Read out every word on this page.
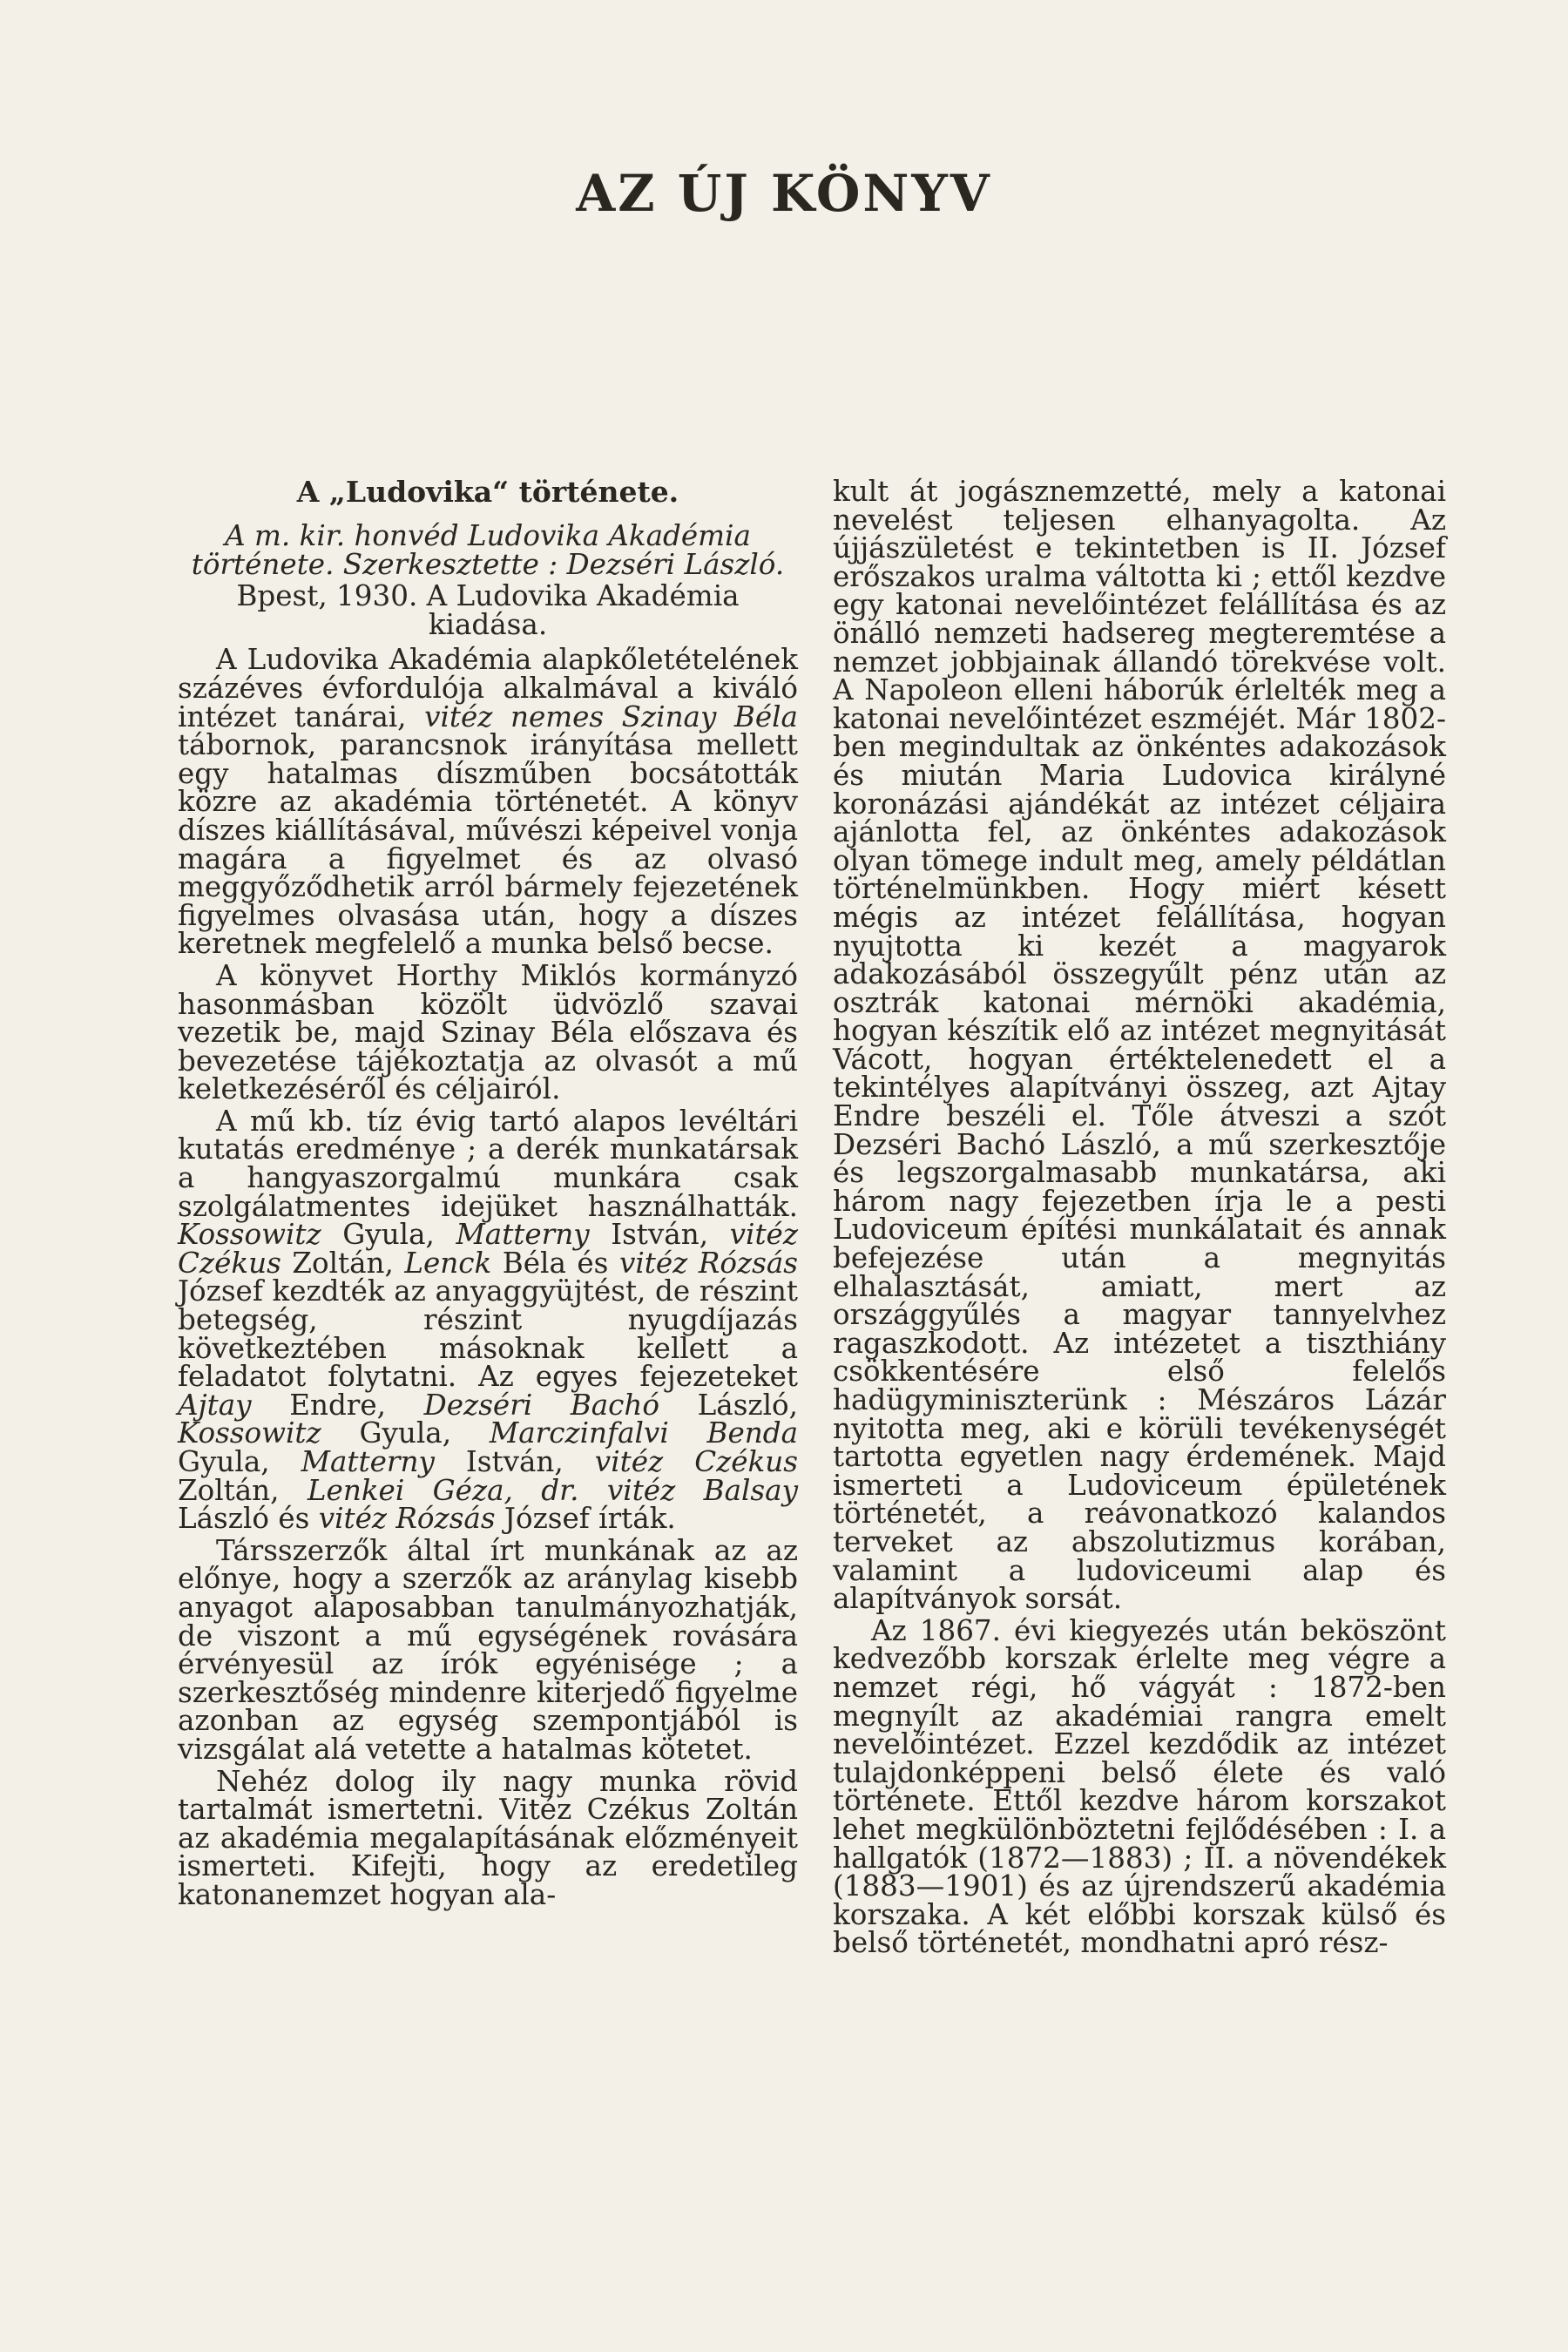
AZ ÚJ KÖNYV

A „Ludovika“ története.

A m. kir. honvéd Ludovika Akadémia története. Szerkesztette : Dezséri László.

Bpest, 1930. A Ludovika Akadémia kiadása.

A Ludovika Akadémia alapkőletételének százéves évfordulója alkalmával a kiváló intézet tanárai, vitéz nemes Szinay Béla tábornok, parancsnok irányítása mellett egy hatalmas díszműben bocsátották közre az akadémia történetét. A könyv díszes kiállításával, művészi képeivel vonja magára a figyelmet és az olvasó meggyőződhetik arról bármely fejezetének figyelmes olvasása után, hogy a díszes keretnek megfelelő a munka belső becse.

A könyvet Horthy Miklós kormányzó hasonmásban közölt üdvözlő szavai vezetik be, majd Szinay Béla előszava és bevezetése tájékoztatja az olvasót a mű keletkezéséről és céljairól.

A mű kb. tíz évig tartó alapos levéltári kutatás eredménye ; a derék munkatársak a hangyaszorgalmú munkára csak szolgálatmentes idejüket használhatták. Kossowitz Gyula, Matterny István, vitéz Czékus Zoltán, Lenck Béla és vitéz Rózsás József kezdték az anyaggyüjtést, de részint betegség, részint nyugdíjazás következtében másoknak kellett a feladatot folytatni. Az egyes fejezeteket Ajtay Endre, Dezséri Bachó László, Kossowitz Gyula, Marczinfalvi Benda Gyula, Matterny István, vitéz Czékus Zoltán, Lenkei Géza, dr. vitéz Balsay László és vitéz Rózsás József írták.

Társszerzők által írt munkának az az előnye, hogy a szerzők az aránylag kisebb anyagot alaposabban tanulmányozhatják, de viszont a mű egységének rovására érvényesül az írók egyénisége ; a szerkesztőség mindenre kiterjedő figyelme azonban az egység szempontjából is vizsgálat alá vetette a hatalmas kötetet.

Nehéz dolog ily nagy munka rövid tartalmát ismertetni. Vitéz Czékus Zoltán az akadémia megalapításának előzményeit ismerteti. Kifejti, hogy az eredetileg katonanemzet hogyan ala-

kult át jogásznemzetté, mely a katonai nevelést teljesen elhanyagolta. Az újjászületést e tekintetben is II. József erőszakos uralma váltotta ki ; ettől kezdve egy katonai nevelőintézet felállítása és az önálló nemzeti hadsereg megteremtése a nemzet jobbjainak állandó törekvése volt. A Napoleon elleni háborúk érlelték meg a katonai nevelőintézet eszméjét. Már 1802-ben megindultak az önkéntes adakozások és miután Maria Ludovica királyné koronázási ajándékát az intézet céljaira ajánlotta fel, az önkéntes adakozások olyan tömege indult meg, amely példátlan történelmünkben. Hogy miért késett mégis az intézet felállítása, hogyan nyujtotta ki kezét a magyarok adakozásából összegyűlt pénz után az osztrák katonai mérnöki akadémia, hogyan készítik elő az intézet megnyitását Vácott, hogyan értéktelenedett el a tekintélyes alapítványi összeg, azt Ajtay Endre beszéli el. Tőle átveszi a szót Dezséri Bachó László, a mű szerkesztője és legszorgalmasabb munkatársa, aki három nagy fejezetben írja le a pesti Ludoviceum építési munkálatait és annak befejezése után a megnyitás elhalasztását, amiatt, mert az országgyűlés a magyar tannyelvhez ragaszkodott. Az intézetet a tiszthiány csökkentésére első felelős hadügyminiszterünk : Mészáros Lázár nyitotta meg, aki e körüli tevékenységét tartotta egyetlen nagy érdemének. Majd ismerteti a Ludoviceum épületének történetét, a reávonatkozó kalandos terveket az abszolutizmus korában, valamint a ludoviceumi alap és alapítványok sorsát.

Az 1867. évi kiegyezés után beköszönt kedvezőbb korszak érlelte meg végre a nemzet régi, hő vágyát : 1872-ben megnyílt az akadémiai rangra emelt nevelőintézet. Ezzel kezdődik az intézet tulajdonképpeni belső élete és való története. Ettől kezdve három korszakot lehet megkülönböztetni fejlődésében : I. a hallgatók (1872—1883) ; II. a növendékek (1883—1901) és az újrendszerű akadémia korszaka. A két előbbi korszak külső és belső történetét, mondhatni apró rész-
